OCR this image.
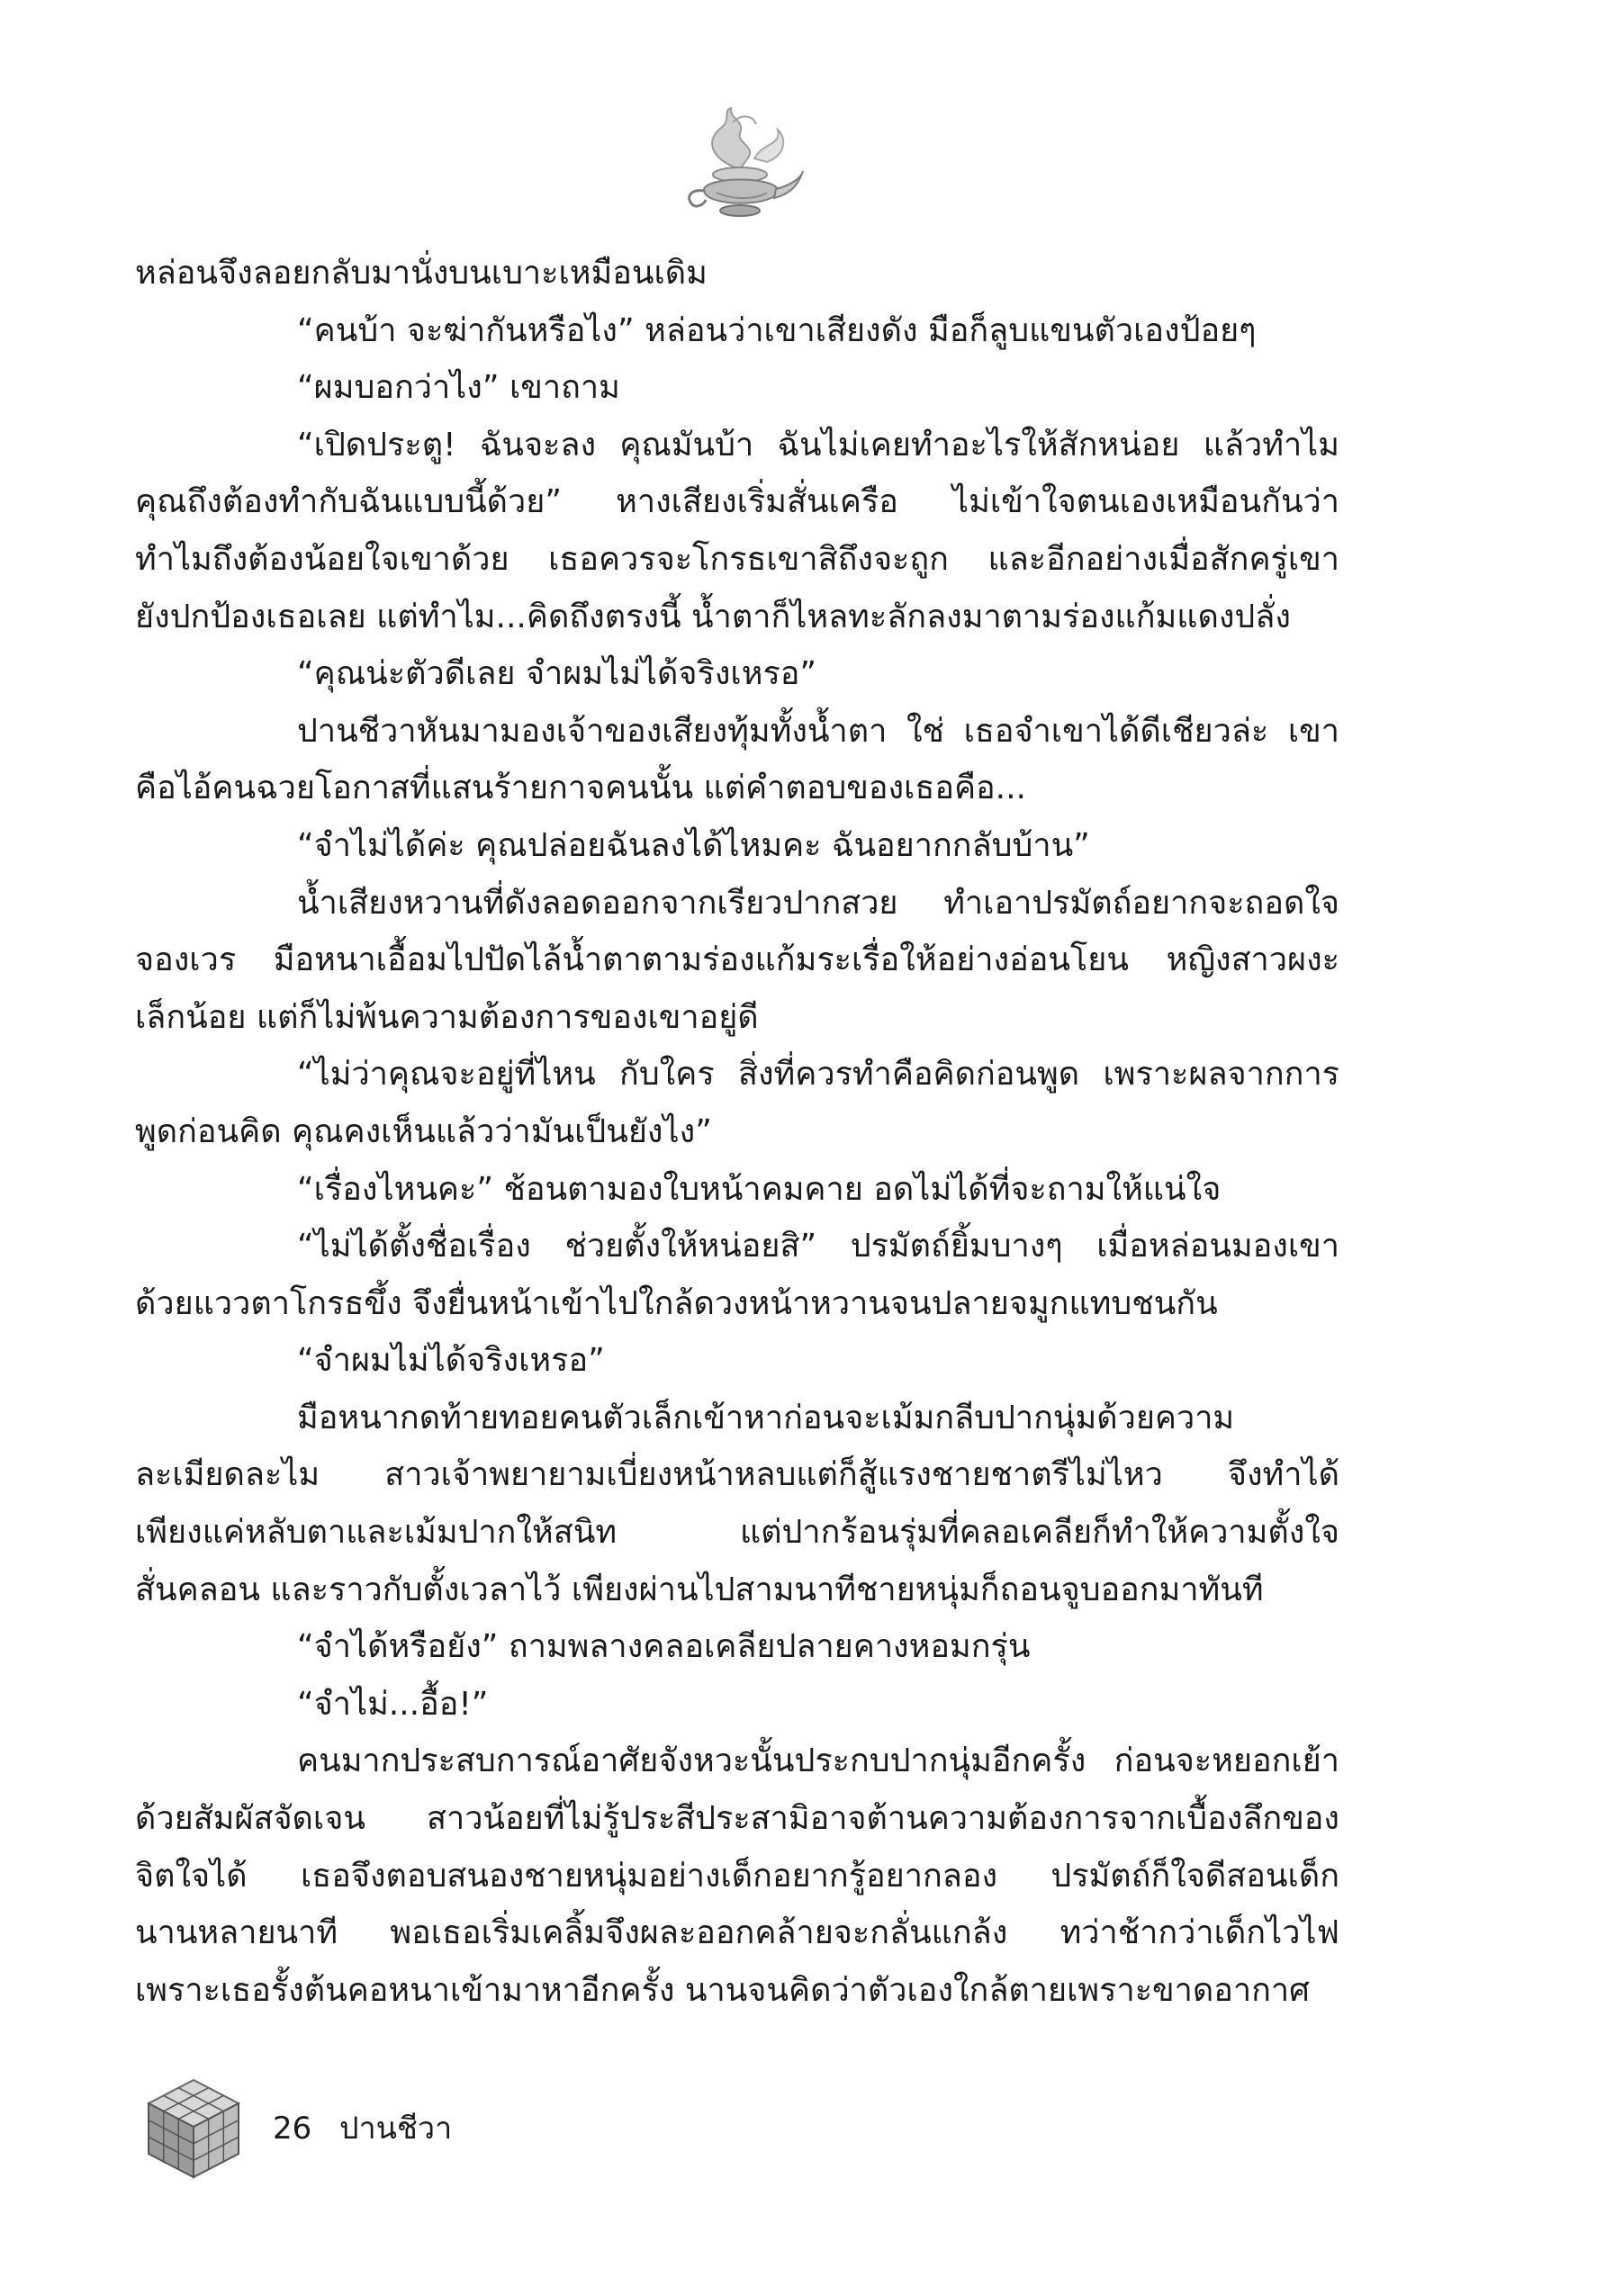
หล่อนจึงลอยกลับมานั่งบนเบาะเหมือนเดิม
“คนบ้า จะฆ่ากันหรือไง” หล่อนว่าเขาเสียงดัง มือก็ลูบแขนตัวเองป้อยๆ
“ผมบอกว่าไง” เขาถาม
“เปิดประตู! ฉันจะลง คุณมันบ้า ฉันไม่เคยทำอะไรให้สักหน่อย แล้วทำไม
คุณถึงต้องทำกับฉันแบบนี้ด้วย” หางเสียงเริ่มสั่นเครือ ไม่เข้าใจตนเองเหมือนกันว่า
ทำไมถึงต้องน้อยใจเขาด้วย เธอควรจะโกรธเขาสิถึงจะถูก และอีกอย่างเมื่อสักครู่เขา
ยังปกป้องเธอเลย แต่ทำไม...คิดถึงตรงนี้ น้ำตาก็ไหลทะลักลงมาตามร่องแก้มแดงปลั่ง
“คุณน่ะตัวดีเลย จำผมไม่ได้จริงเหรอ”
ปานชีวาหันมามองเจ้าของเสียงทุ้มทั้งน้ำตา ใช่ เธอจำเขาได้ดีเชียวล่ะ เขา
คือไอ้คนฉวยโอกาสที่แสนร้ายกาจคนนั้น แต่คำตอบของเธอคือ...
“จำไม่ได้ค่ะ คุณปล่อยฉันลงได้ไหมคะ ฉันอยากกลับบ้าน”
น้ำเสียงหวานที่ดังลอดออกจากเรียวปากสวย ทำเอาปรมัตถ์อยากจะถอดใจ
จองเวร มือหนาเอื้อมไปปัดไล้น้ำตาตามร่องแก้มระเรื่อให้อย่างอ่อนโยน หญิงสาวผงะ
เล็กน้อย แต่ก็ไม่พ้นความต้องการของเขาอยู่ดี
“ไม่ว่าคุณจะอยู่ที่ไหน กับใคร สิ่งที่ควรทำคือคิดก่อนพูด เพราะผลจากการ
พูดก่อนคิด คุณคงเห็นแล้วว่ามันเป็นยังไง”
“เรื่องไหนคะ” ช้อนตามองใบหน้าคมคาย อดไม่ได้ที่จะถามให้แน่ใจ
“ไม่ได้ตั้งชื่อเรื่อง ช่วยตั้งให้หน่อยสิ” ปรมัตถ์ยิ้มบางๆ เมื่อหล่อนมองเขา
ด้วยแววตาโกรธขึ้ง จึงยื่นหน้าเข้าไปใกล้ดวงหน้าหวานจนปลายจมูกแทบชนกัน
“จำผมไม่ได้จริงเหรอ”
มือหนากดท้ายทอยคนตัวเล็กเข้าหาก่อนจะเม้มกลีบปากนุ่มด้วยความ
ละเมียดละไม สาวเจ้าพยายามเบี่ยงหน้าหลบแต่ก็สู้แรงชายชาตรีไม่ไหว จึงทำได้
เพียงแค่หลับตาและเม้มปากให้สนิท แต่ปากร้อนรุ่มที่คลอเคลียก็ทำให้ความตั้งใจ
สั่นคลอน และราวกับตั้งเวลาไว้ เพียงผ่านไปสามนาทีชายหนุ่มก็ถอนจูบออกมาทันที
“จำได้หรือยัง” ถามพลางคลอเคลียปลายคางหอมกรุ่น
“จำไม่...อื้อ!”
คนมากประสบการณ์อาศัยจังหวะนั้นประกบปากนุ่มอีกครั้ง ก่อนจะหยอกเย้า
ด้วยสัมผัสจัดเจน สาวน้อยที่ไม่รู้ประสีประสามิอาจต้านความต้องการจากเบื้องลึกของ
จิตใจได้ เธอจึงตอบสนองชายหนุ่มอย่างเด็กอยากรู้อยากลอง ปรมัตถ์ก็ใจดีสอนเด็ก
นานหลายนาที พอเธอเริ่มเคลิ้มจึงผละออกคล้ายจะกลั่นแกล้ง ทว่าช้ากว่าเด็กไวไฟ
เพราะเธอรั้งต้นคอหนาเข้ามาหาอีกครั้ง นานจนคิดว่าตัวเองใกล้ตายเพราะขาดอากาศ
26 ปานชีวา
